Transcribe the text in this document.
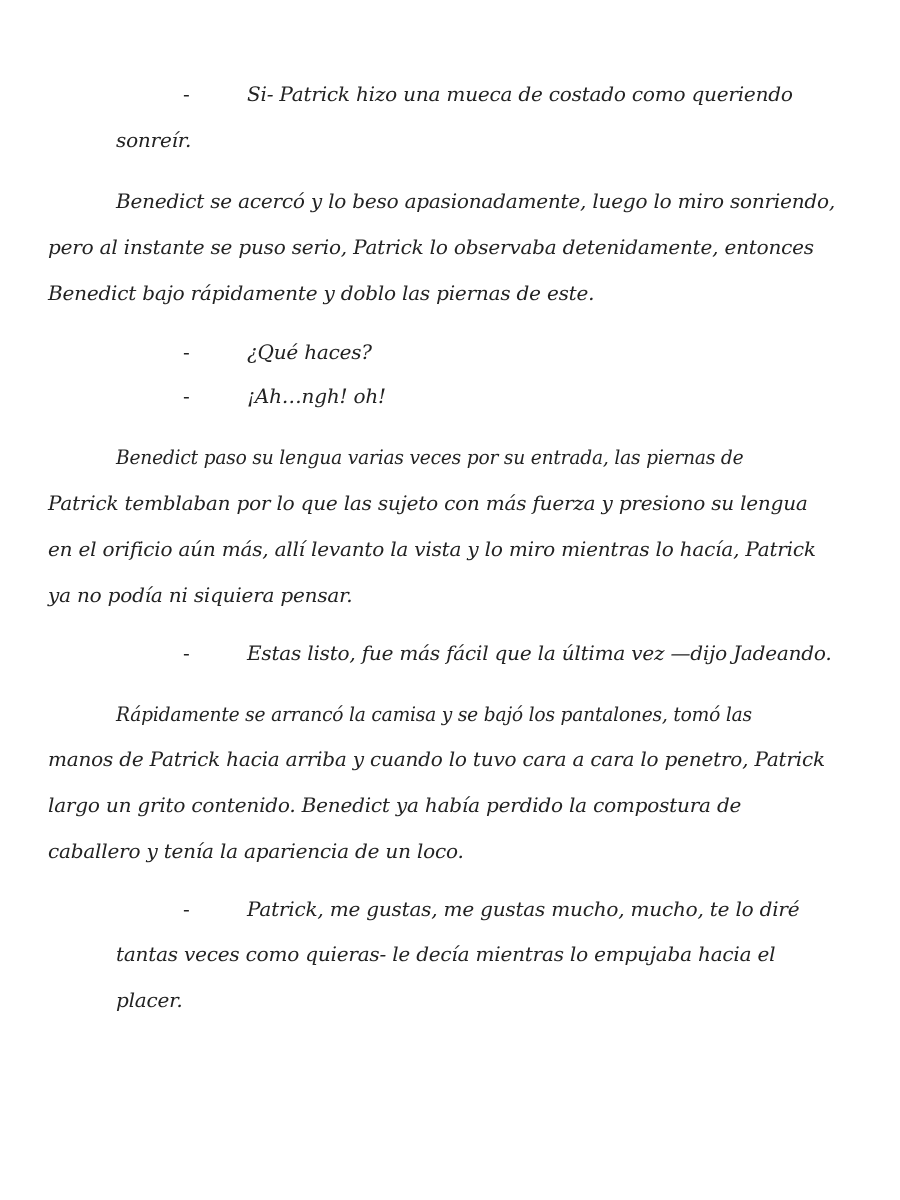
-	Si- Patrick hizo una mueca de costado como queriendo
sonreír.
Benedict se acercó y lo beso apasionadamente, luego lo miro sonriendo,
pero al instante se puso serio, Patrick lo observaba detenidamente, entonces
Benedict bajo rápidamente y doblo las piernas de este.
-	¿Qué haces?
-	¡Ah…ngh! oh!
Benedict paso su lengua varias veces por su entrada, las piernas de
Patrick temblaban por lo que las sujeto con más fuerza y presiono su lengua
en el orificio aún más, allí levanto la vista y lo miro mientras lo hacía, Patrick
ya no podía ni siquiera pensar.
-	Estas listo, fue más fácil que la última vez —dijo Jadeando.
Rápidamente se arrancó la camisa y se bajó los pantalones, tomó las
manos de Patrick hacia arriba y cuando lo tuvo cara a cara lo penetro, Patrick
largo un grito contenido. Benedict ya había perdido la compostura de
caballero y tenía la apariencia de un loco.
-	Patrick, me gustas, me gustas mucho, mucho, te lo diré
tantas veces como quieras- le decía mientras lo empujaba hacia el
placer.
